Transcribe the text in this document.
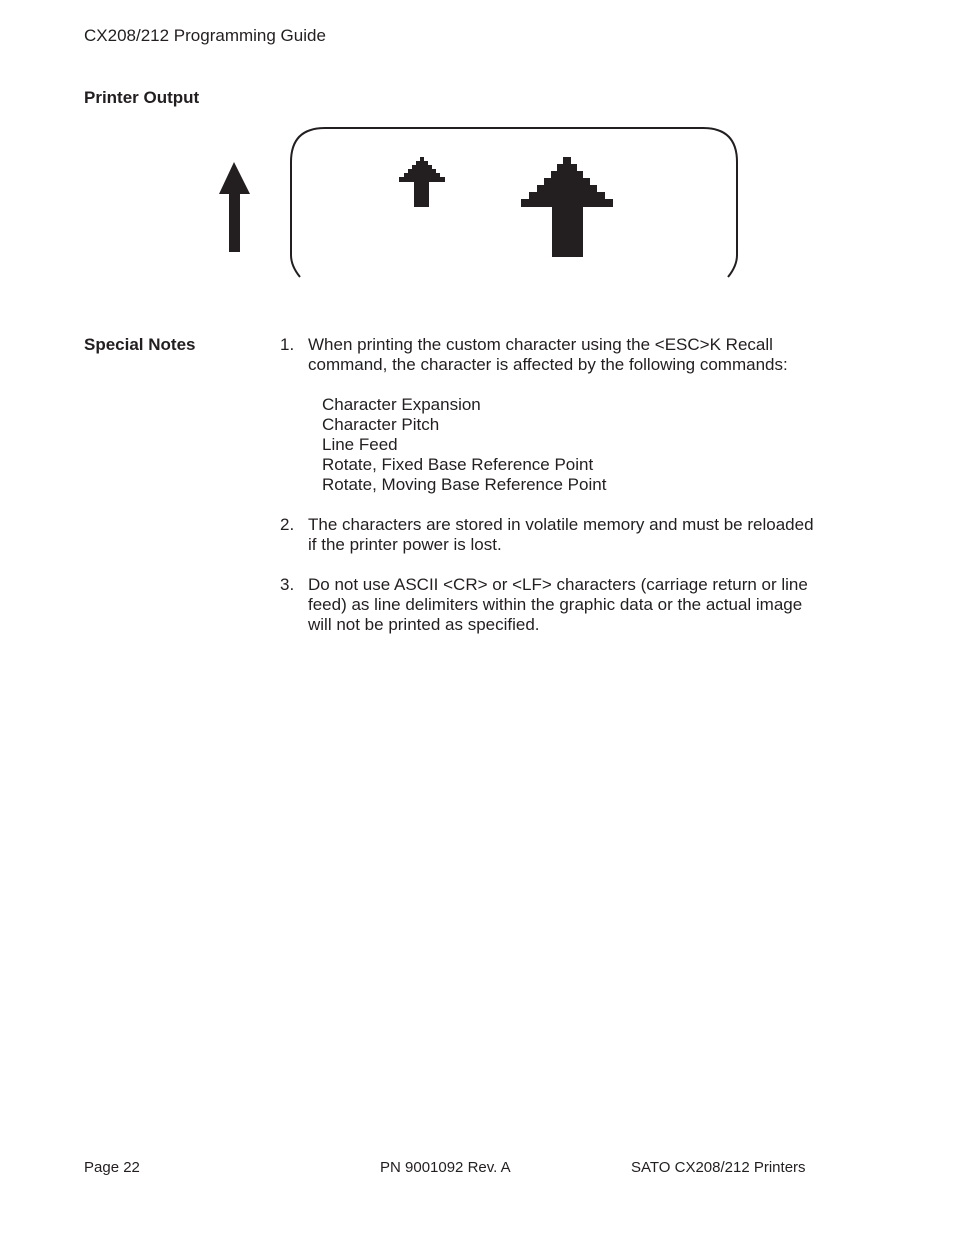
CX208/212 Programming Guide
Printer Output
Special Notes	1. When printing the custom character using the <ESC>K Recall command, the character is affected by the following commands:
Character Expansion
Character Pitch
Line Feed
Rotate, Fixed Base Reference Point
Rotate, Moving Base Reference Point
2. The characters are stored in volatile memory and must be reloaded if the printer power is lost.
3. Do not use ASCII <CR> or <LF> characters (carriage return or line feed) as line delimiters within the graphic data or the actual image will not be printed as specified.
Page 22	PN 9001092 Rev. A	SATO CX208/212 Printers
